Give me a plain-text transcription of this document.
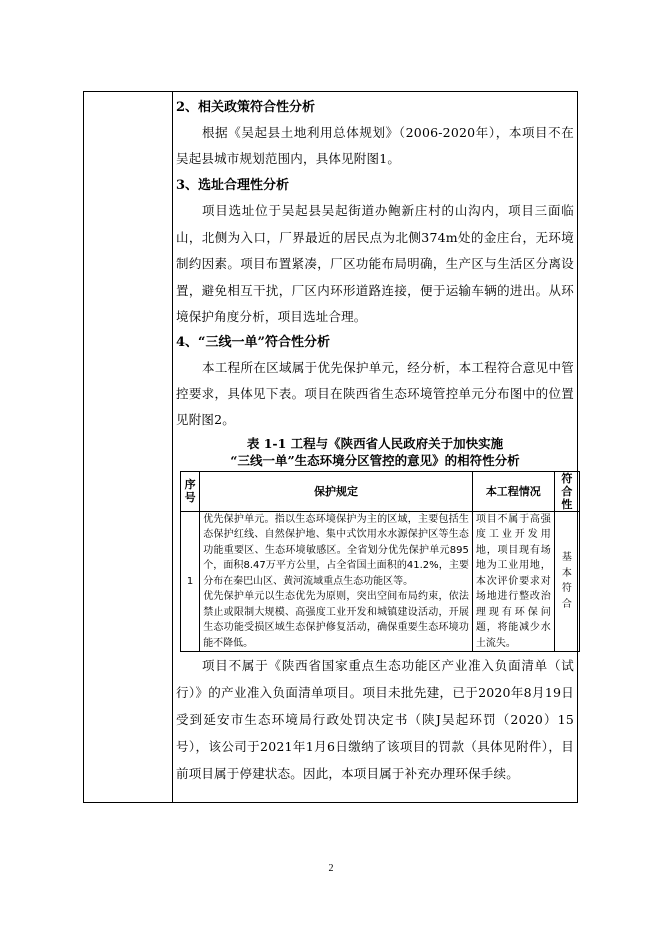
2、相关政策符合性分析

根据《吴起县土地利用总体规划》（2006-2020年），本项目不在吴起县城市规划范围内，具体见附图1。

3、选址合理性分析

项目选址位于吴起县吴起街道办鲍新庄村的山沟内，项目三面临山，北侧为入口，厂界最近的居民点为北侧374m处的金庄台，无环境制约因素。项目布置紧凑，厂区功能布局明确，生产区与生活区分离设置，避免相互干扰，厂区内环形道路连接，便于运输车辆的进出。从环境保护角度分析，项目选址合理。

4、“三线一单”符合性分析

本工程所在区域属于优先保护单元，经分析，本工程符合意见中管控要求，具体见下表。项目在陕西省生态环境管控单元分布图中的位置见附图2。

表 1-1 工程与《陕西省人民政府关于加快实施

“三线一单”生态环境分区管控的意见》的相符性分析

序号	保护规定	本工程情况	符合性
1	优先保护单元。指以生态环境保护为主的区域，主要包括生态保护红线、自然保护地、集中式饮用水水源保护区等生态功能重要区、生态环境敏感区。全省划分优先保护单元895个，面积8.47万平方公里，占全省国土面积的41.2%，主要分布在秦巴山区、黄河流域重点生态功能区等。
优先保护单元以生态优先为原则，突出空间布局约束，依法禁止或限制大规模、高强度工业开发和城镇建设活动，开展生态功能受损区域生态保护修复活动，确保重要生态环境功能不降低。	项目不属于高强度工业开发用地，项目现有场地为工业用地，本次评价要求对场地进行整改治理现有环保问题，将能减少水土流失。	基本符合

项目不属于《陕西省国家重点生态功能区产业准入负面清单（试行）》的产业准入负面清单项目。项目未批先建，已于2020年8月19日受到延安市生态环境局行政处罚决定书（陕J吴起环罚（2020）15号），该公司于2021年1月6日缴纳了该项目的罚款（具体见附件），目前项目属于停建状态。因此，本项目属于补充办理环保手续。

2
